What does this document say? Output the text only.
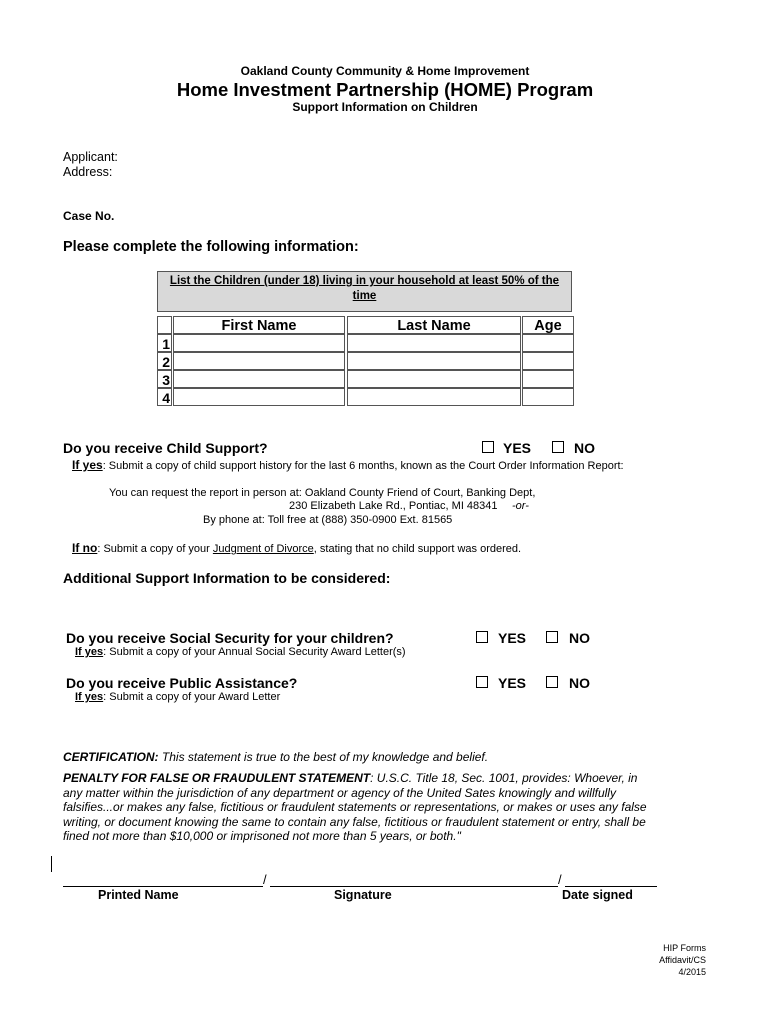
Oakland County Community & Home Improvement
Home Investment Partnership (HOME) Program
Support Information on Children
Applicant:
Address:
Case No.
Please complete the following information:
List the Children (under 18) living in your household at least 50% of the
time
First Name	Last Name	Age
1
2
3
4
Do you receive Child Support?	YES	NO
If yes: Submit a copy of child support history for the last 6 months, known as the Court Order Information Report:
You can request the report in person at: Oakland County Friend of Court, Banking Dept,
230 Elizabeth Lake Rd., Pontiac, MI 48341 -or-
By phone at: Toll free at (888) 350-0900 Ext. 81565
If no: Submit a copy of your Judgment of Divorce, stating that no child support was ordered.
Additional Support Information to be considered:
Do you receive Social Security for your children?	YES	NO
If yes: Submit a copy of your Annual Social Security Award Letter(s)
Do you receive Public Assistance?	YES	NO
If yes: Submit a copy of your Award Letter
CERTIFICATION: This statement is true to the best of my knowledge and belief.
PENALTY FOR FALSE OR FRAUDULENT STATEMENT: U.S.C. Title 18, Sec. 1001, provides: Whoever, in
any matter within the jurisdiction of any department or agency of the United Sates knowingly and willfully
falsifies...or makes any false, fictitious or fraudulent statements or representations, or makes or uses any false
writing, or document knowing the same to contain any false, fictitious or fraudulent statement or entry, shall be
fined not more than $10,000 or imprisoned not more than 5 years, or both."
/	/
Printed Name	Signature	Date signed
HIP Forms
Affidavit/CS
4/2015
